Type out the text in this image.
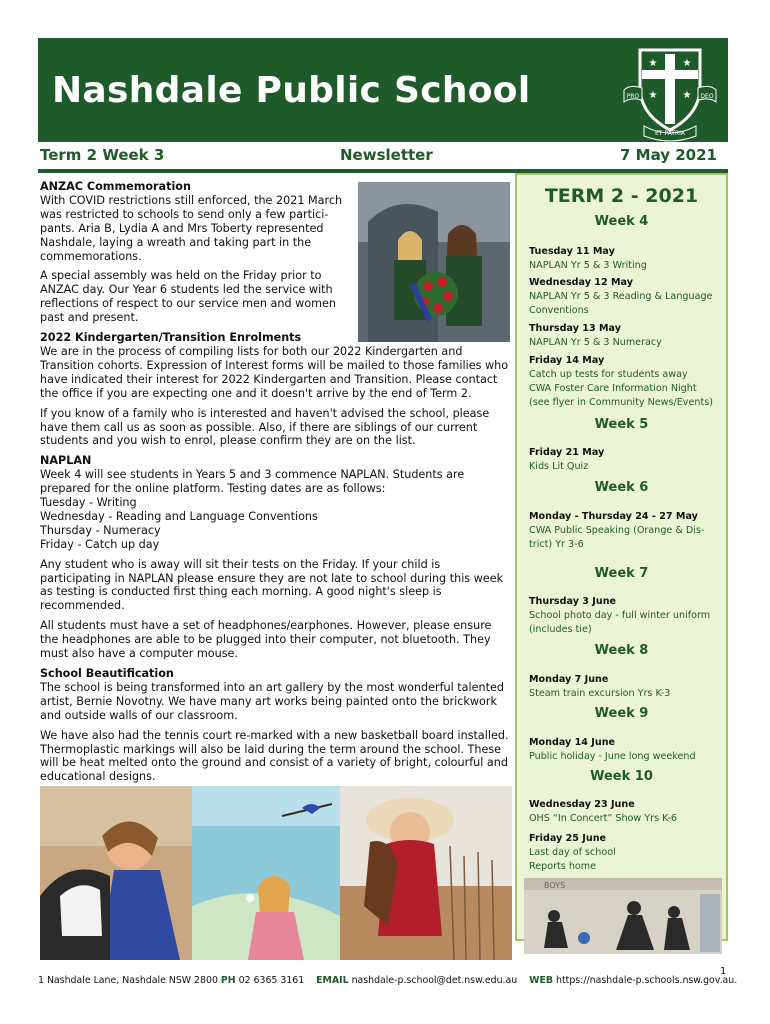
Nashdale Public School
★	★
★	★
PRO	DEO
ET PATRIA
Term 2 Week 3	Newsletter	7 May 2021

ANZAC Commemoration

With COVID restrictions still enforced, the 2021 March
was restricted to schools to send only a few partici-
pants. Aria B, Lydia A and Mrs Toberty represented
Nashdale, laying a wreath and taking part in the
commemorations.

A special assembly was held on the Friday prior to
ANZAC day. Our Year 6 students led the service with
reflections of respect to our service men and women
past and present.

2022 Kindergarten/Transition Enrolments

We are in the process of compiling lists for both our 2022 Kindergarten and Transition cohorts. Expression of Interest forms will be mailed to those families who have indicated their interest for 2022 Kindergarten and Transition. Please contact the office if you are expecting one and it doesn't arrive by the end of Term 2.

If you know of a family who is interested and haven't advised the school, please have them call us as soon as possible. Also, if there are siblings of our current students and you wish to enrol, please confirm they are on the list.

NAPLAN

Week 4 will see students in Years 5 and 3 commence NAPLAN. Students are prepared for the online platform. Testing dates are as follows:

Tuesday - Writing
Wednesday - Reading and Language Conventions
Thursday - Numeracy
Friday - Catch up day

Any student who is away will sit their tests on the Friday. If your child is participating in NAPLAN please ensure they are not late to school during this week as testing is conducted first thing each morning. A good night's sleep is recommended.

All students must have a set of headphones/earphones. However, please ensure the headphones are able to be plugged into their computer, not bluetooth. They must also have a computer mouse.

School Beautification

The school is being transformed into an art gallery by the most wonderful talented artist, Bernie Novotny. We have many art works being painted onto the brickwork and outside walls of our classroom.

We have also had the tennis court re-marked with a new basketball board installed. Thermoplastic markings will also be laid during the term around the school. These will be heat melted onto the ground and consist of a variety of bright, colourful and educational designs.

TERM 2 - 2021
Week 4
Tuesday 11 May
NAPLAN Yr 5 & 3 Writing
Wednesday 12 May
NAPLAN Yr 5 & 3 Reading & Language
Conventions
Thursday 13 May
NAPLAN Yr 5 & 3 Numeracy
Friday 14 May
Catch up tests for students away
CWA Foster Care Information Night
(see flyer in Community News/Events)
Week 5
Friday 21 May
Kids Lit Quiz
Week 6
Monday - Thursday 24 - 27 May
CWA Public Speaking (Orange & Dis-
trict) Yr 3-6
Week 7
Thursday 3 June
School photo day - full winter uniform
(includes tie)
Week 8
Monday 7 June
Steam train excursion Yrs K-3
Week 9
Monday 14 June
Public holiday - June long weekend
Week 10
Wednesday 23 June
OHS “In Concert” Show Yrs K-6
Friday 25 June
Last day of school
Reports home
BOYS
1 Nashdale Lane, Nashdale NSW 2800 PH 02 6365 3161 EMAIL nashdale-p.school@det.nsw.edu.au WEB https://nashdale-p.schools.nsw.gov.au.
1
